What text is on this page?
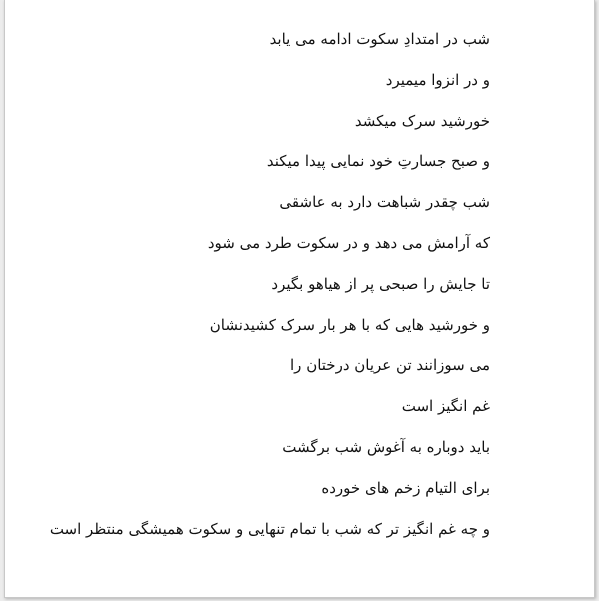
شب در امتدادِ سکوت ادامه می یابد
و در انزوا میمیرد
خورشید سرک میکشد
و صبح جسارتِ خود نمایی پیدا میکند
شب چقدر شباهت دارد به عاشقی
که آرامش می دهد و در سکوت طرد می شود
تا جایش را صبحی پر از هیاهو بگیرد
و خورشید هایی که با هر بار سرک کشیدنشان
می سوزانند تن عریان درختان را
غم انگیز است
باید دوباره به آغوش شب برگشت
برای التیام زخم های خورده
و چه غم انگیز تر که شب با تمام تنهایی و سکوت همیشگی منتظر است
